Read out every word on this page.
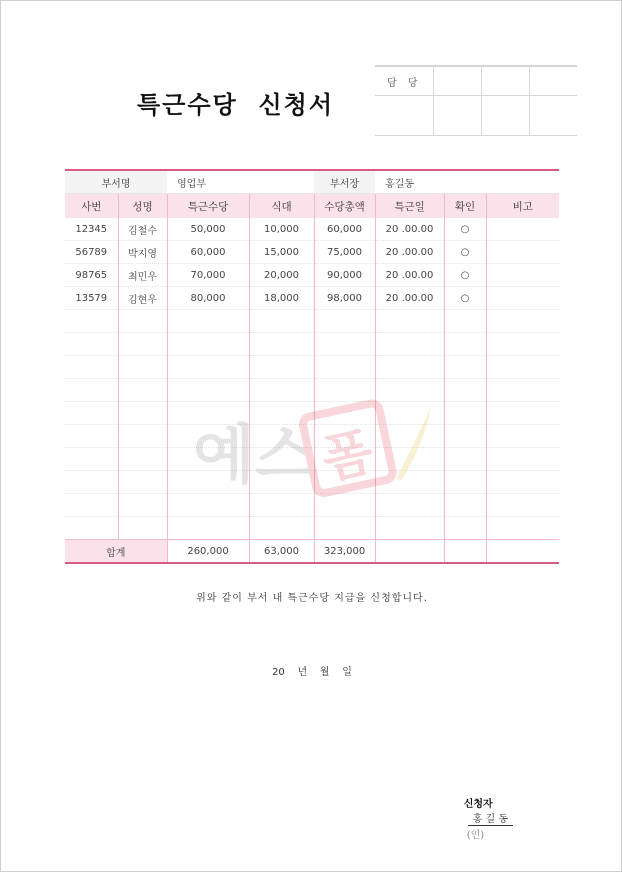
특근수당  신청서
담 당			

부서명		영업부		부서장	홍길동		
사번	성명	특근수당	식대	수당총액	특근일	확인	비고
12345	김철수	50,000	10,000	60,000	20 .00.00	○	
56789	박지영	60,000	15,000	75,000	20 .00.00	○	
98765	최민우	70,000	20,000	90,000	20 .00.00	○	
13579	김현우	80,000	18,000	98,000	20 .00.00	○	

합계		260,000	63,000	323,000			
예스 폼
위와 같이 부서 내 특근수당 지급을 신청합니다.
20    년    월    일

신청자
홍 길 동
(인)
